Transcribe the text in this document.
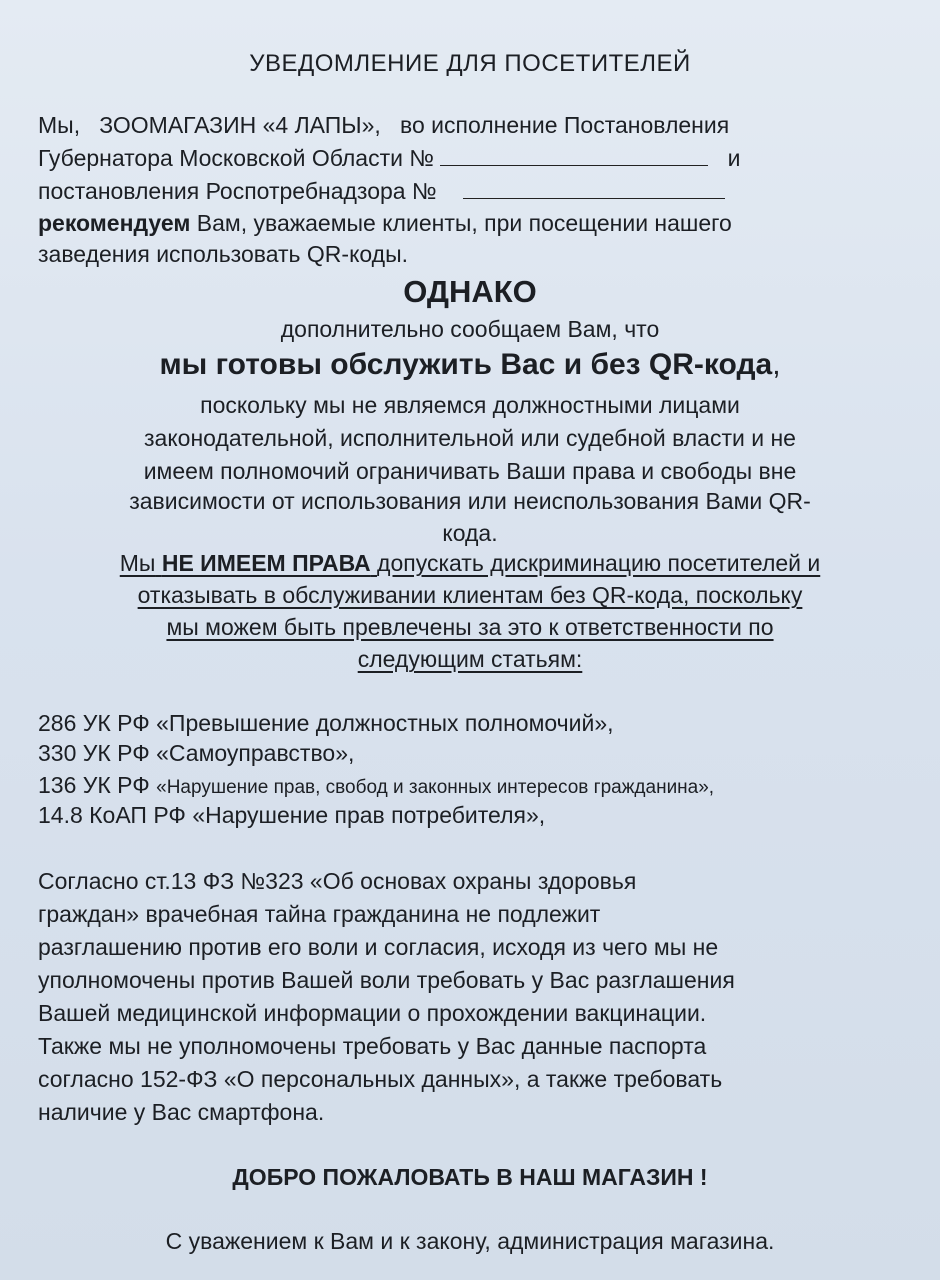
УВЕДОМЛЕНИЕ ДЛЯ ПОСЕТИТЕЛЕЙ
Мы, ЗООМАГАЗИН «4 ЛАПЫ», во исполнение Постановления
Губернатора Московской Области №	и
постановления Роспотребнадзора №
рекомендуем Вам, уважаемые клиенты, при посещении нашего
заведения использовать QR-коды.
ОДНАКО
дополнительно сообщаем Вам, что
мы готовы обслужить Вас и без QR-кода,
поскольку мы не являемся должностными лицами
законодательной, исполнительной или судебной власти и не
имеем полномочий ограничивать Ваши права и свободы вне
зависимости от использования или неиспользования Вами QR-
кода.
Мы НЕ ИМЕЕМ ПРАВА допускать дискриминацию посетителей и
отказывать в обслуживании клиентам без QR-кода, поскольку
мы можем быть превлечены за это к ответственности по
следующим статьям:
286 УК РФ «Превышение должностных полномочий»,
330 УК РФ «Самоуправство»,
136 УК РФ «Нарушение прав, свобод и законных интересов гражданина»,
14.8 КоАП РФ «Нарушение прав потребителя»,
Согласно ст.13 ФЗ №323 «Об основах охраны здоровья
граждан» врачебная тайна гражданина не подлежит
разглашению против его воли и согласия, исходя из чего мы не
уполномочены против Вашей воли требовать у Вас разглашения
Вашей медицинской информации о прохождении вакцинации.
Также мы не уполномочены требовать у Вас данные паспорта
согласно 152-ФЗ «О персональных данных», а также требовать
наличие у Вас смартфона.
ДОБРО ПОЖАЛОВАТЬ В НАШ МАГАЗИН !
С уважением к Вам и к закону, администрация магазина.
